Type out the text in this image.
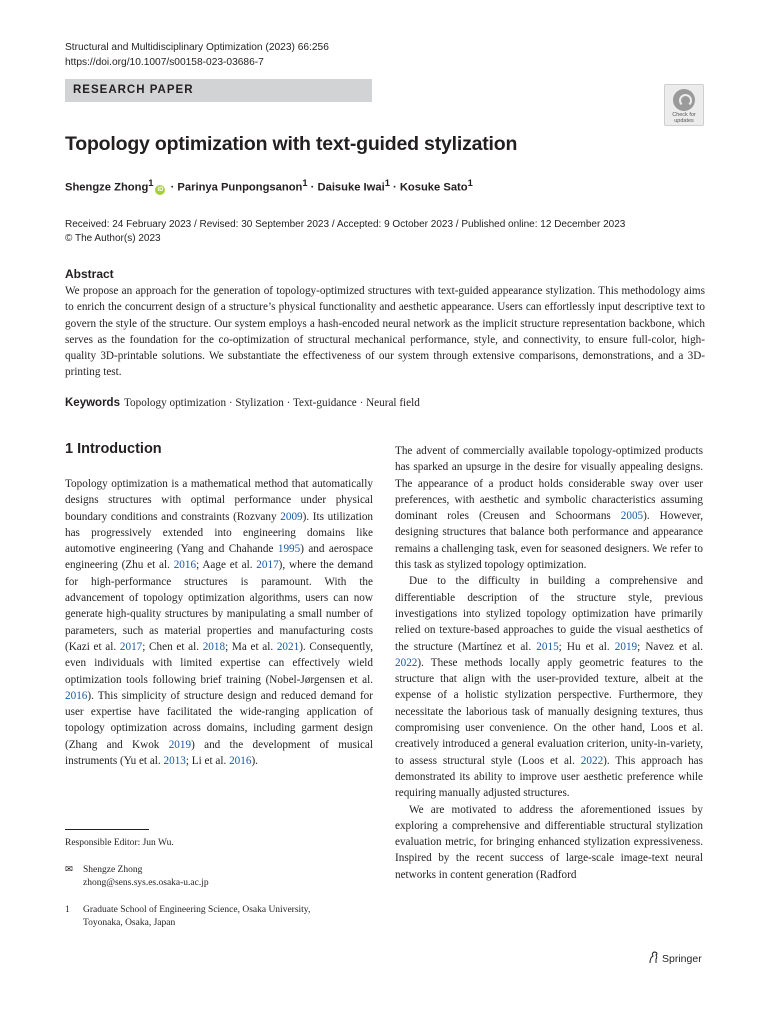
Structural and Multidisciplinary Optimization (2023) 66:256
https://doi.org/10.1007/s00158-023-03686-7
RESEARCH PAPER
Check for
updates
Topology optimization with text-guided stylization
Shengze Zhong$^1$iD · Parinya Punpongsanon$^1$ · Daisuke Iwai$^1$ · Kosuke Sato$^1$
Received: 24 February 2023 / Revised: 30 September 2023 / Accepted: 9 October 2023 / Published online: 12 December 2023
© The Author(s) 2023
Abstract
We propose an approach for the generation of topology-optimized structures with text-guided appearance stylization. This methodology aims to enrich the concurrent design of a structure’s physical functionality and aesthetic appearance. Users can effortlessly input descriptive text to govern the style of the structure. Our system employs a hash-encoded neural network as the implicit structure representation backbone, which serves as the foundation for the co-optimization of structural mechanical performance, style, and connectivity, to ensure full-color, high-quality 3D-printable solutions. We substantiate the effectiveness of our system through extensive comparisons, demonstrations, and a 3D-printing test.
Keywords Topology optimization · Stylization · Text-guidance · Neural field
1 Introduction

Topology optimization is a mathematical method that automatically designs structures with optimal performance under physical boundary conditions and constraints (Rozvany 2009). Its utilization has progressively extended into engineering domains like automotive engineering (Yang and Chahande 1995) and aerospace engineering (Zhu et al. 2016; Aage et al. 2017), where the demand for high-performance structures is paramount. With the advancement of topology optimization algorithms, users can now generate high-quality structures by manipulating a small number of parameters, such as material properties and manufacturing costs (Kazi et al. 2017; Chen et al. 2018; Ma et al. 2021). Consequently, even individuals with limited expertise can effectively wield optimization tools following brief training (Nobel-Jørgensen et al. 2016). This simplicity of structure design and reduced demand for user expertise have facilitated the wide-ranging application of topology optimization across domains, including garment design (Zhang and Kwok 2019) and the development of musical instruments (Yu et al. 2013; Li et al. 2016).

The advent of commercially available topology-optimized products has sparked an upsurge in the desire for visually appealing designs. The appearance of a product holds considerable sway over user preferences, with aesthetic and symbolic characteristics assuming dominant roles (Creusen and Schoormans 2005). However, designing structures that balance both performance and appearance remains a challenging task, even for seasoned designers. We refer to this task as stylized topology optimization.

Due to the difficulty in building a comprehensive and differentiable description of the structure style, previous investigations into stylized topology optimization have primarily relied on texture-based approaches to guide the visual aesthetics of the structure (Martínez et al. 2015; Hu et al. 2019; Navez et al. 2022). These methods locally apply geometric features to the structure that align with the user-provided texture, albeit at the expense of a holistic stylization perspective. Furthermore, they necessitate the laborious task of manually designing textures, thus compromising user convenience. On the other hand, Loos et al. creatively introduced a general evaluation criterion, unity-in-variety, to assess structural style (Loos et al. 2022). This approach has demonstrated its ability to improve user aesthetic preference while requiring manually adjusted structures.

We are motivated to address the aforementioned issues by exploring a comprehensive and differentiable structural stylization evaluation metric, for bringing enhanced stylization expressiveness. Inspired by the recent success of large-scale image-text neural networks in content generation (Radford

Responsible Editor: Jun Wu.
✉ Shengze Zhong
zhong@sens.sys.es.osaka-u.ac.jp
1 Graduate School of Engineering Science, Osaka University,
Toyonaka, Osaka, Japan
Springer
